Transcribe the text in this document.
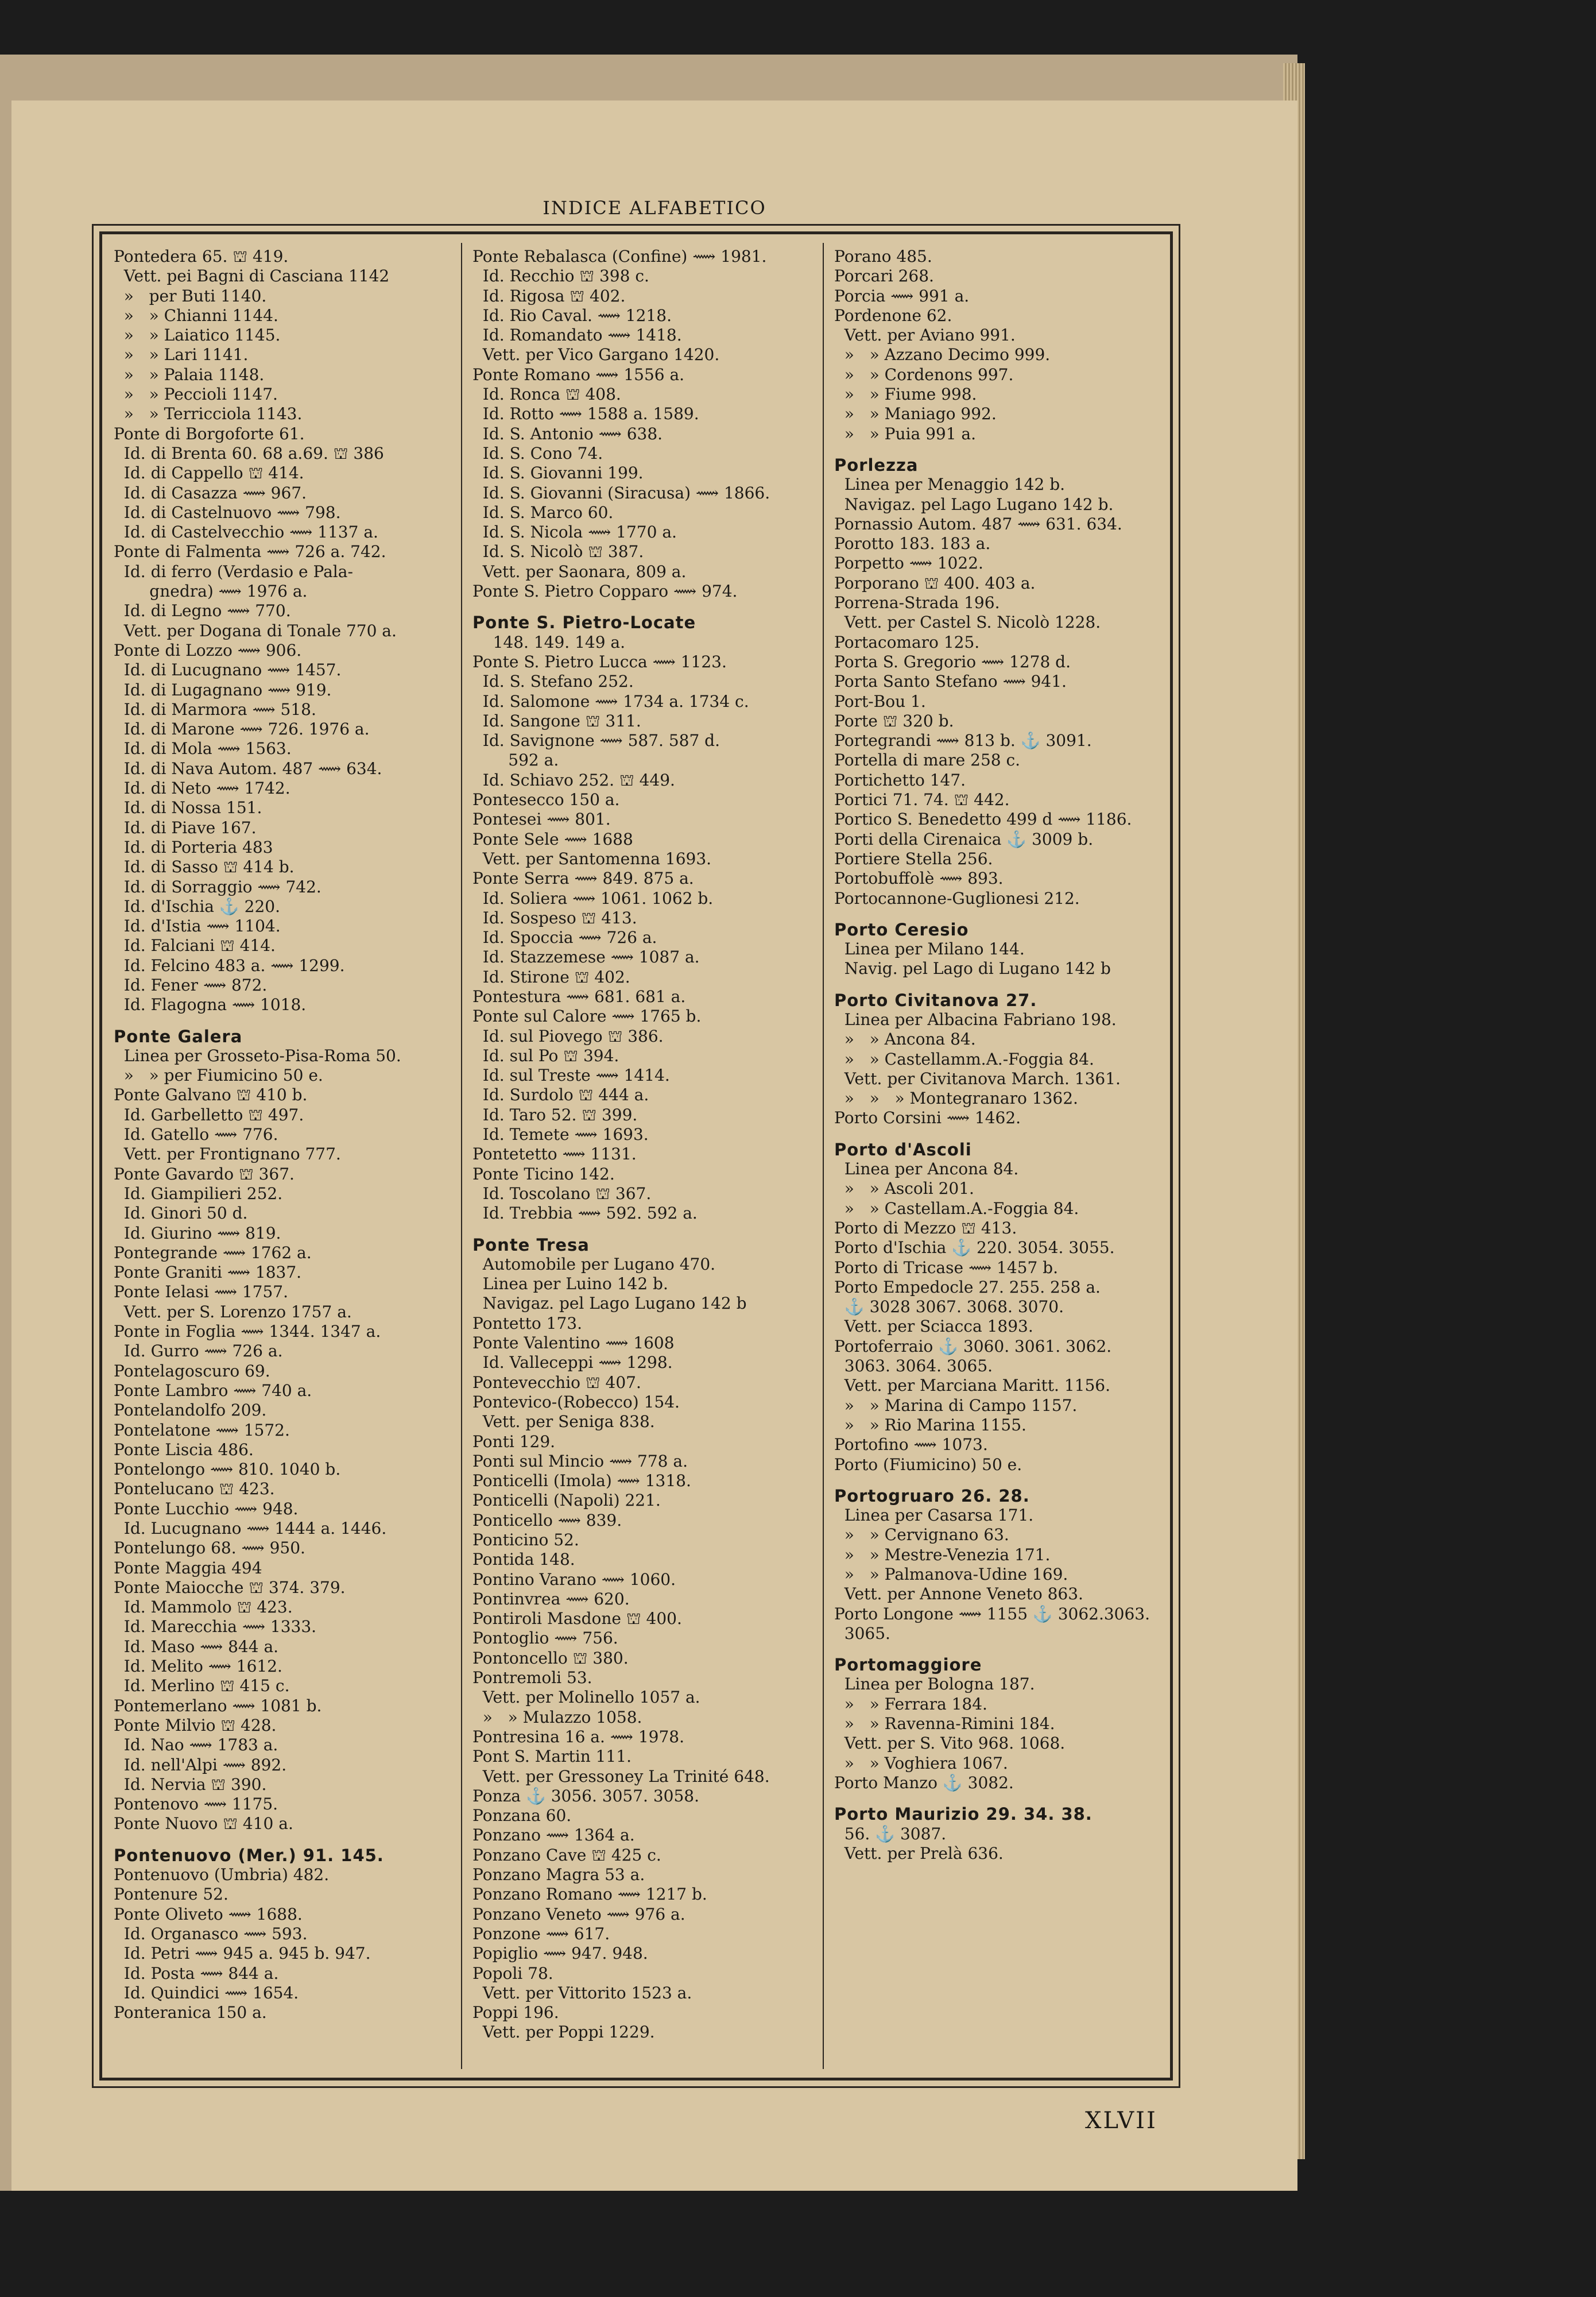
INDICE ALFABETICO
Pontedera 65. ⛫ 419.
Vett. pei Bagni di Casciana 1142
»   per Buti 1140.
»   » Chianni 1144.
»   » Laiatico 1145.
»   » Lari 1141.
»   » Palaia 1148.
»   » Peccioli 1147.
»   » Terricciola 1143.
Ponte di Borgoforte 61.
Id. di Brenta 60. 68 a.69. ⛫ 386
Id. di Cappello ⛫ 414.
Id. di Casazza ⟿ 967.
Id. di Castelnuovo ⟿ 798.
Id. di Castelvecchio ⟿ 1137 a.
Ponte di Falmenta ⟿ 726 a. 742.
Id. di ferro (Verdasio e Pala-
gnedra) ⟿ 1976 a.
Id. di Legno ⟿ 770.
Vett. per Dogana di Tonale 770 a.
Ponte di Lozzo ⟿ 906.
Id. di Lucugnano ⟿ 1457.
Id. di Lugagnano ⟿ 919.
Id. di Marmora ⟿ 518.
Id. di Marone ⟿ 726. 1976 a.
Id. di Mola ⟿ 1563.
Id. di Nava Autom. 487 ⟿ 634.
Id. di Neto ⟿ 1742.
Id. di Nossa 151.
Id. di Piave 167.
Id. di Porteria 483
Id. di Sasso ⛫ 414 b.
Id. di Sorraggio ⟿ 742.
Id. d'Ischia ⚓ 220.
Id. d'Istia ⟿ 1104.
Id. Falciani ⛫ 414.
Id. Felcino 483 a. ⟿ 1299.
Id. Fener ⟿ 872.
Id. Flagogna ⟿ 1018.
Ponte Galera
Linea per Grosseto-Pisa-Roma 50.
»   » per Fiumicino 50 e.
Ponte Galvano ⛫ 410 b.
Id. Garbelletto ⛫ 497.
Id. Gatello ⟿ 776.
Vett. per Frontignano 777.
Ponte Gavardo ⛫ 367.
Id. Giampilieri 252.
Id. Ginori 50 d.
Id. Giurino ⟿ 819.
Pontegrande ⟿ 1762 a.
Ponte Graniti ⟿ 1837.
Ponte Ielasi ⟿ 1757.
Vett. per S. Lorenzo 1757 a.
Ponte in Foglia ⟿ 1344. 1347 a.
Id. Gurro ⟿ 726 a.
Pontelagoscuro 69.
Ponte Lambro ⟿ 740 a.
Pontelandolfo 209.
Pontelatone ⟿ 1572.
Ponte Liscia 486.
Pontelongo ⟿ 810. 1040 b.
Pontelucano ⛫ 423.
Ponte Lucchio ⟿ 948.
Id. Lucugnano ⟿ 1444 a. 1446.
Pontelungo 68. ⟿ 950.
Ponte Maggia 494
Ponte Maiocche ⛫ 374. 379.
Id. Mammolo ⛫ 423.
Id. Marecchia ⟿ 1333.
Id. Maso ⟿ 844 a.
Id. Melito ⟿ 1612.
Id. Merlino ⛫ 415 c.
Pontemerlano ⟿ 1081 b.
Ponte Milvio ⛫ 428.
Id. Nao ⟿ 1783 a.
Id. nell'Alpi ⟿ 892.
Id. Nervia ⛫ 390.
Pontenovo ⟿ 1175.
Ponte Nuovo ⛫ 410 a.
Pontenuovo (Mer.) 91. 145.
Pontenuovo (Umbria) 482.
Pontenure 52.
Ponte Oliveto ⟿ 1688.
Id. Organasco ⟿ 593.
Id. Petri ⟿ 945 a. 945 b. 947.
Id. Posta ⟿ 844 a.
Id. Quindici ⟿ 1654.
Ponteranica 150 a.
Ponte Rebalasca (Confine) ⟿ 1981.
Id. Recchio ⛫ 398 c.
Id. Rigosa ⛫ 402.
Id. Rio Caval. ⟿ 1218.
Id. Romandato ⟿ 1418.
Vett. per Vico Gargano 1420.
Ponte Romano ⟿ 1556 a.
Id. Ronca ⛫ 408.
Id. Rotto ⟿ 1588 a. 1589.
Id. S. Antonio ⟿ 638.
Id. S. Cono 74.
Id. S. Giovanni 199.
Id. S. Giovanni (Siracusa) ⟿ 1866.
Id. S. Marco 60.
Id. S. Nicola ⟿ 1770 a.
Id. S. Nicolò ⛫ 387.
Vett. per Saonara, 809 a.
Ponte S. Pietro Copparo ⟿ 974.
Ponte S. Pietro-Locate
148. 149. 149 a.
Ponte S. Pietro Lucca ⟿ 1123.
Id. S. Stefano 252.
Id. Salomone ⟿ 1734 a. 1734 c.
Id. Sangone ⛫ 311.
Id. Savignone ⟿ 587. 587 d.
592 a.
Id. Schiavo 252. ⛫ 449.
Pontesecco 150 a.
Pontesei ⟿ 801.
Ponte Sele ⟿ 1688
Vett. per Santomenna 1693.
Ponte Serra ⟿ 849. 875 a.
Id. Soliera ⟿ 1061. 1062 b.
Id. Sospeso ⛫ 413.
Id. Spoccia ⟿ 726 a.
Id. Stazzemese ⟿ 1087 a.
Id. Stirone ⛫ 402.
Pontestura ⟿ 681. 681 a.
Ponte sul Calore ⟿ 1765 b.
Id. sul Piovego ⛫ 386.
Id. sul Po ⛫ 394.
Id. sul Treste ⟿ 1414.
Id. Surdolo ⛫ 444 a.
Id. Taro 52. ⛫ 399.
Id. Temete ⟿ 1693.
Pontetetto ⟿ 1131.
Ponte Ticino 142.
Id. Toscolano ⛫ 367.
Id. Trebbia ⟿ 592. 592 a.
Ponte Tresa
Automobile per Lugano 470.
Linea per Luino 142 b.
Navigaz. pel Lago Lugano 142 b
Pontetto 173.
Ponte Valentino ⟿ 1608
Id. Valleceppi ⟿ 1298.
Pontevecchio ⛫ 407.
Pontevico-(Robecco) 154.
Vett. per Seniga 838.
Ponti 129.
Ponti sul Mincio ⟿ 778 a.
Ponticelli (Imola) ⟿ 1318.
Ponticelli (Napoli) 221.
Ponticello ⟿ 839.
Ponticino 52.
Pontida 148.
Pontino Varano ⟿ 1060.
Pontinvrea ⟿ 620.
Pontiroli Masdone ⛫ 400.
Pontoglio ⟿ 756.
Pontoncello ⛫ 380.
Pontremoli 53.
Vett. per Molinello 1057 a.
»   » Mulazzo 1058.
Pontresina 16 a. ⟿ 1978.
Pont S. Martin 111.
Vett. per Gressoney La Trinité 648.
Ponza ⚓ 3056. 3057. 3058.
Ponzana 60.
Ponzano ⟿ 1364 a.
Ponzano Cave ⛫ 425 c.
Ponzano Magra 53 a.
Ponzano Romano ⟿ 1217 b.
Ponzano Veneto ⟿ 976 a.
Ponzone ⟿ 617.
Popiglio ⟿ 947. 948.
Popoli 78.
Vett. per Vittorito 1523 a.
Poppi 196.
Vett. per Poppi 1229.
Porano 485.
Porcari 268.
Porcia ⟿ 991 a.
Pordenone 62.
Vett. per Aviano 991.
»   » Azzano Decimo 999.
»   » Cordenons 997.
»   » Fiume 998.
»   » Maniago 992.
»   » Puia 991 a.
Porlezza
Linea per Menaggio 142 b.
Navigaz. pel Lago Lugano 142 b.
Pornassio Autom. 487 ⟿ 631. 634.
Porotto 183. 183 a.
Porpetto ⟿ 1022.
Porporano ⛫ 400. 403 a.
Porrena-Strada 196.
Vett. per Castel S. Nicolò 1228.
Portacomaro 125.
Porta S. Gregorio ⟿ 1278 d.
Porta Santo Stefano ⟿ 941.
Port-Bou 1.
Porte ⛫ 320 b.
Portegrandi ⟿ 813 b. ⚓ 3091.
Portella di mare 258 c.
Portichetto 147.
Portici 71. 74. ⛫ 442.
Portico S. Benedetto 499 d ⟿ 1186.
Porti della Cirenaica ⚓ 3009 b.
Portiere Stella 256.
Portobuffolè ⟿ 893.
Portocannone-Guglionesi 212.
Porto Ceresio
Linea per Milano 144.
Navig. pel Lago di Lugano 142 b
Porto Civitanova 27.
Linea per Albacina Fabriano 198.
»   » Ancona 84.
»   » Castellamm.A.-Foggia 84.
Vett. per Civitanova March. 1361.
»   »   » Montegranaro 1362.
Porto Corsini ⟿ 1462.
Porto d'Ascoli
Linea per Ancona 84.
»   » Ascoli 201.
»   » Castellam.A.-Foggia 84.
Porto di Mezzo ⛫ 413.
Porto d'Ischia ⚓ 220. 3054. 3055.
Porto di Tricase ⟿ 1457 b.
Porto Empedocle 27. 255. 258 a.
⚓ 3028 3067. 3068. 3070.
Vett. per Sciacca 1893.
Portoferraio ⚓ 3060. 3061. 3062.
3063. 3064. 3065.
Vett. per Marciana Maritt. 1156.
»   » Marina di Campo 1157.
»   » Rio Marina 1155.
Portofino ⟿ 1073.
Porto (Fiumicino) 50 e.
Portogruaro 26. 28.
Linea per Casarsa 171.
»   » Cervignano 63.
»   » Mestre-Venezia 171.
»   » Palmanova-Udine 169.
Vett. per Annone Veneto 863.
Porto Longone ⟿ 1155 ⚓ 3062.3063.
3065.
Portomaggiore
Linea per Bologna 187.
»   » Ferrara 184.
»   » Ravenna-Rimini 184.
Vett. per S. Vito 968. 1068.
»   » Voghiera 1067.
Porto Manzo ⚓ 3082.
Porto Maurizio 29. 34. 38.
56. ⚓ 3087.
Vett. per Prelà 636.
XLVII
